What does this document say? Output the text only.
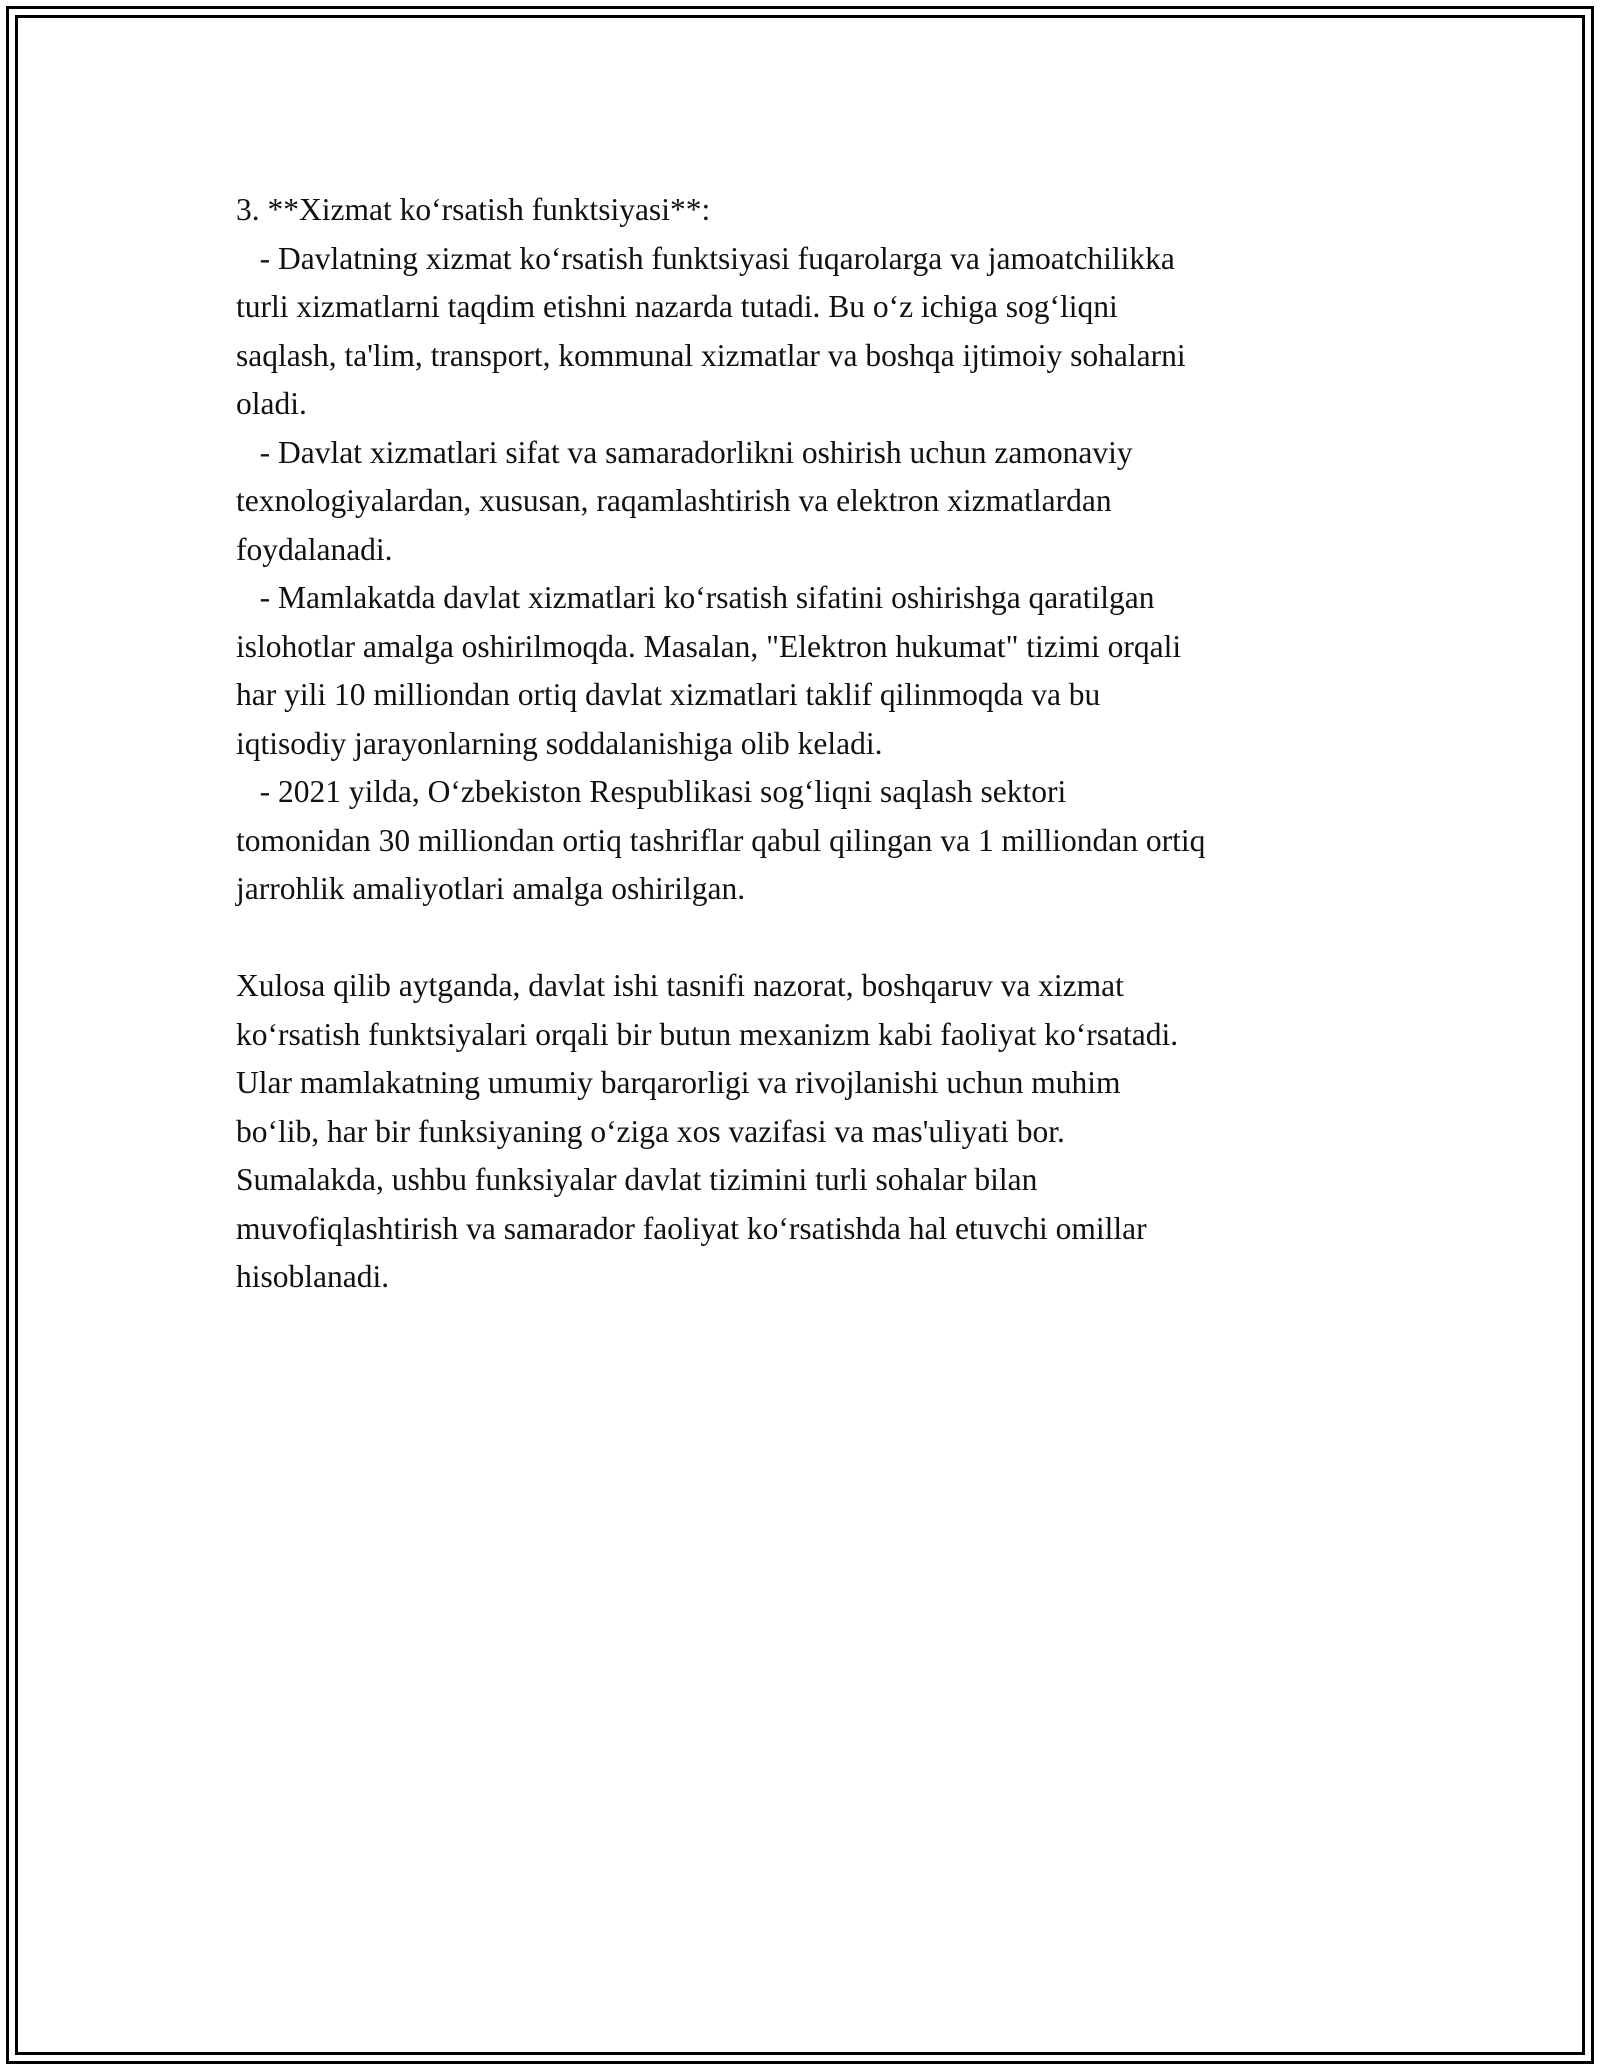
3. **Xizmat koʻrsatish funktsiyasi**:
- Davlatning xizmat koʻrsatish funktsiyasi fuqarolarga va jamoatchilikka
turli xizmatlarni taqdim etishni nazarda tutadi. Bu oʻz ichiga sogʻliqni
saqlash, ta'lim, transport, kommunal xizmatlar va boshqa ijtimoiy sohalarni
oladi.
- Davlat xizmatlari sifat va samaradorlikni oshirish uchun zamonaviy
texnologiyalardan, xususan, raqamlashtirish va elektron xizmatlardan
foydalanadi.
- Mamlakatda davlat xizmatlari koʻrsatish sifatini oshirishga qaratilgan
islohotlar amalga oshirilmoqda. Masalan, "Elektron hukumat" tizimi orqali
har yili 10 milliondan ortiq davlat xizmatlari taklif qilinmoqda va bu
iqtisodiy jarayonlarning soddalanishiga olib keladi.
- 2021 yilda, Oʻzbekiston Respublikasi sogʻliqni saqlash sektori
tomonidan 30 milliondan ortiq tashriflar qabul qilingan va 1 milliondan ortiq
jarrohlik amaliyotlari amalga oshirilgan.
Xulosa qilib aytganda, davlat ishi tasnifi nazorat, boshqaruv va xizmat
koʻrsatish funktsiyalari orqali bir butun mexanizm kabi faoliyat koʻrsatadi.
Ular mamlakatning umumiy barqarorligi va rivojlanishi uchun muhim
boʻlib, har bir funksiyaning oʻziga xos vazifasi va mas'uliyati bor.
Sumalakda, ushbu funksiyalar davlat tizimini turli sohalar bilan
muvofiqlashtirish va samarador faoliyat koʻrsatishda hal etuvchi omillar
hisoblanadi.
